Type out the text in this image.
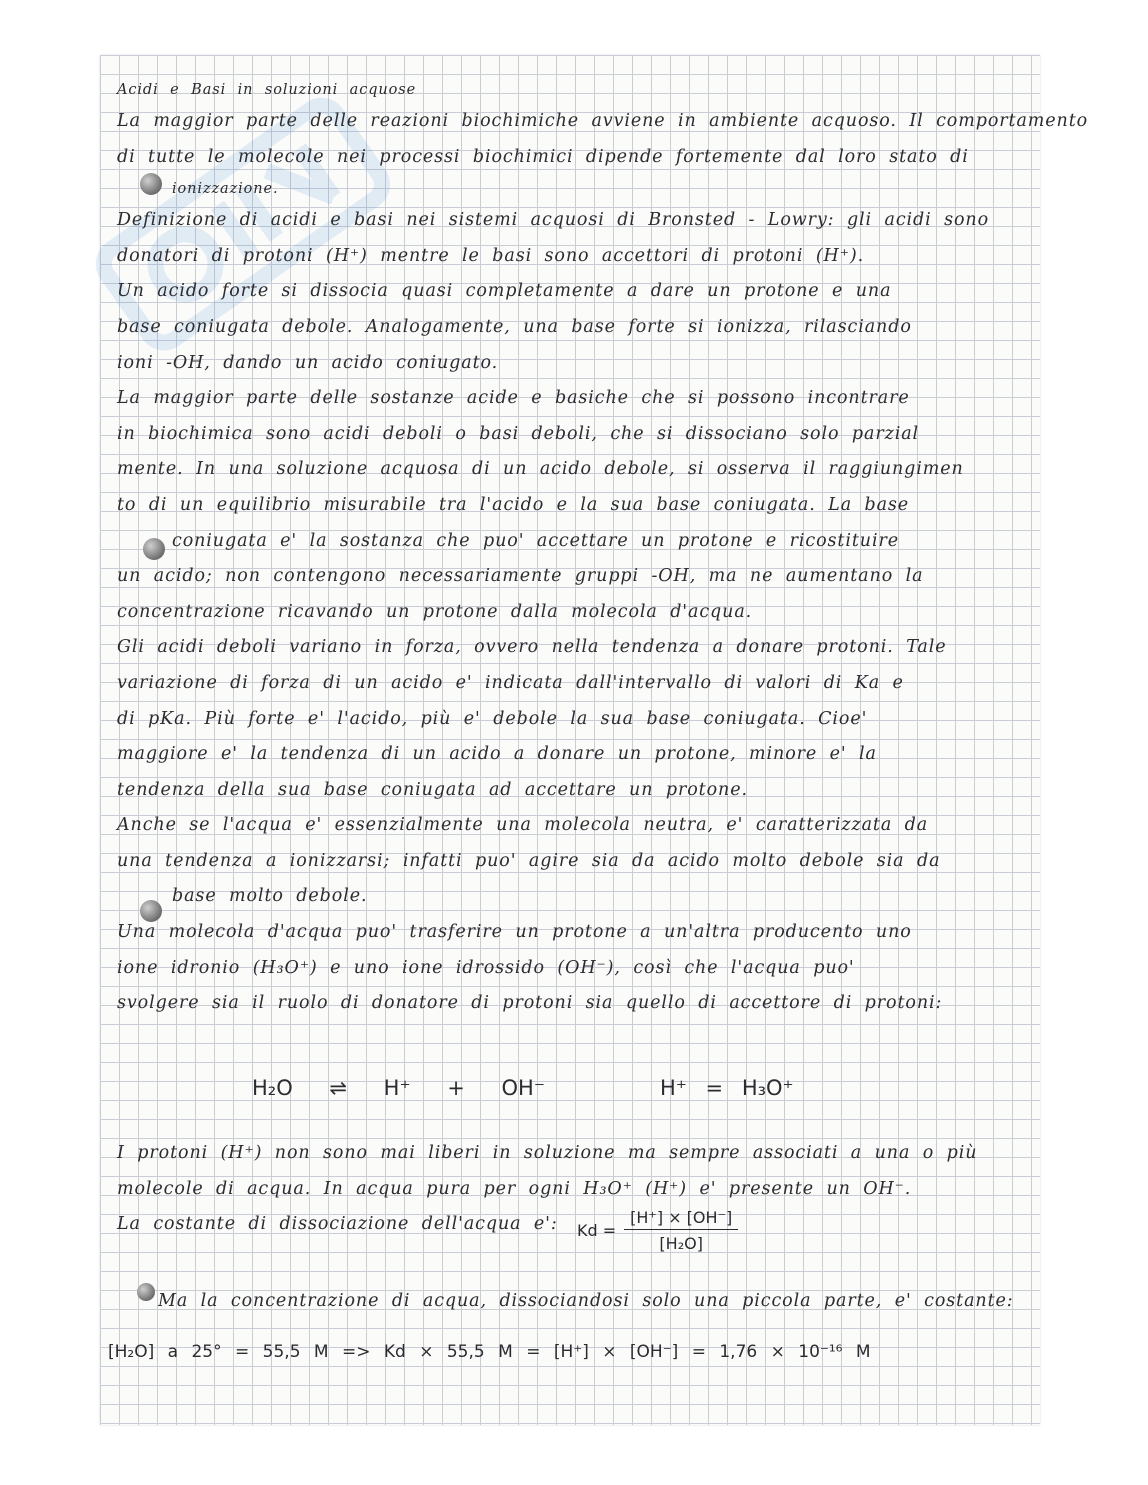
Acidi e Basi in soluzioni acquose
La maggior parte delle reazioni biochimiche avviene in ambiente acquoso. Il comportamento
di tutte le molecole nei processi biochimici dipende fortemente dal loro stato di
ionizzazione.
Definizione di acidi e basi nei sistemi acquosi di Bronsted - Lowry: gli acidi sono
donatori di protoni (H⁺) mentre le basi sono accettori di protoni (H⁺).
Un acido forte si dissocia quasi completamente a dare un protone e una
base coniugata debole. Analogamente, una base forte si ionizza, rilasciando
ioni -OH, dando un acido coniugato.
La maggior parte delle sostanze acide e basiche che si possono incontrare
in biochimica sono acidi deboli o basi deboli, che si dissociano solo parzial
mente. In una soluzione acquosa di un acido debole, si osserva il raggiungimen
to di un equilibrio misurabile tra l'acido e la sua base coniugata. La base
coniugata e' la sostanza che puo' accettare un protone e ricostituire
un acido; non contengono necessariamente gruppi -OH, ma ne aumentano la
concentrazione ricavando un protone dalla molecola d'acqua.
Gli acidi deboli variano in forza, ovvero nella tendenza a donare protoni. Tale
variazione di forza di un acido e' indicata dall'intervallo di valori di Ka e
di pKa. Più forte e' l'acido, più e' debole la sua base coniugata. Cioe'
maggiore e' la tendenza di un acido a donare un protone, minore e' la
tendenza della sua base coniugata ad accettare un protone.
Anche se l'acqua e' essenzialmente una molecola neutra, e' caratterizzata da
una tendenza a ionizzarsi; infatti puo' agire sia da acido molto debole sia da
base molto debole.
Una molecola d'acqua puo' trasferire un protone a un'altra producento uno
ione idronio (H₃O⁺) e uno ione idrossido (OH⁻), così che l'acqua puo'
svolgere sia il ruolo di donatore di protoni sia quello di accettore di protoni:
H₂O ⇌ H⁺ + OH⁻	H⁺ = H₃O⁺
I protoni (H⁺) non sono mai liberi in soluzione ma sempre associati a una o più
molecole di acqua. In acqua pura per ogni H₃O⁺ (H⁺) e' presente un OH⁻.
La costante di dissociazione dell'acqua e':	$Kd = \frac{[H^+] \times [OH^-]}{\text{[H₂O]}}$
Ma la concentrazione di acqua, dissociandosi solo una piccola parte, e' costante:
[H₂O] a 25° = 55,5 M => Kd × 55,5 M = [H⁺] × [OH⁻] = 1,76 × 10⁻¹⁶ M
